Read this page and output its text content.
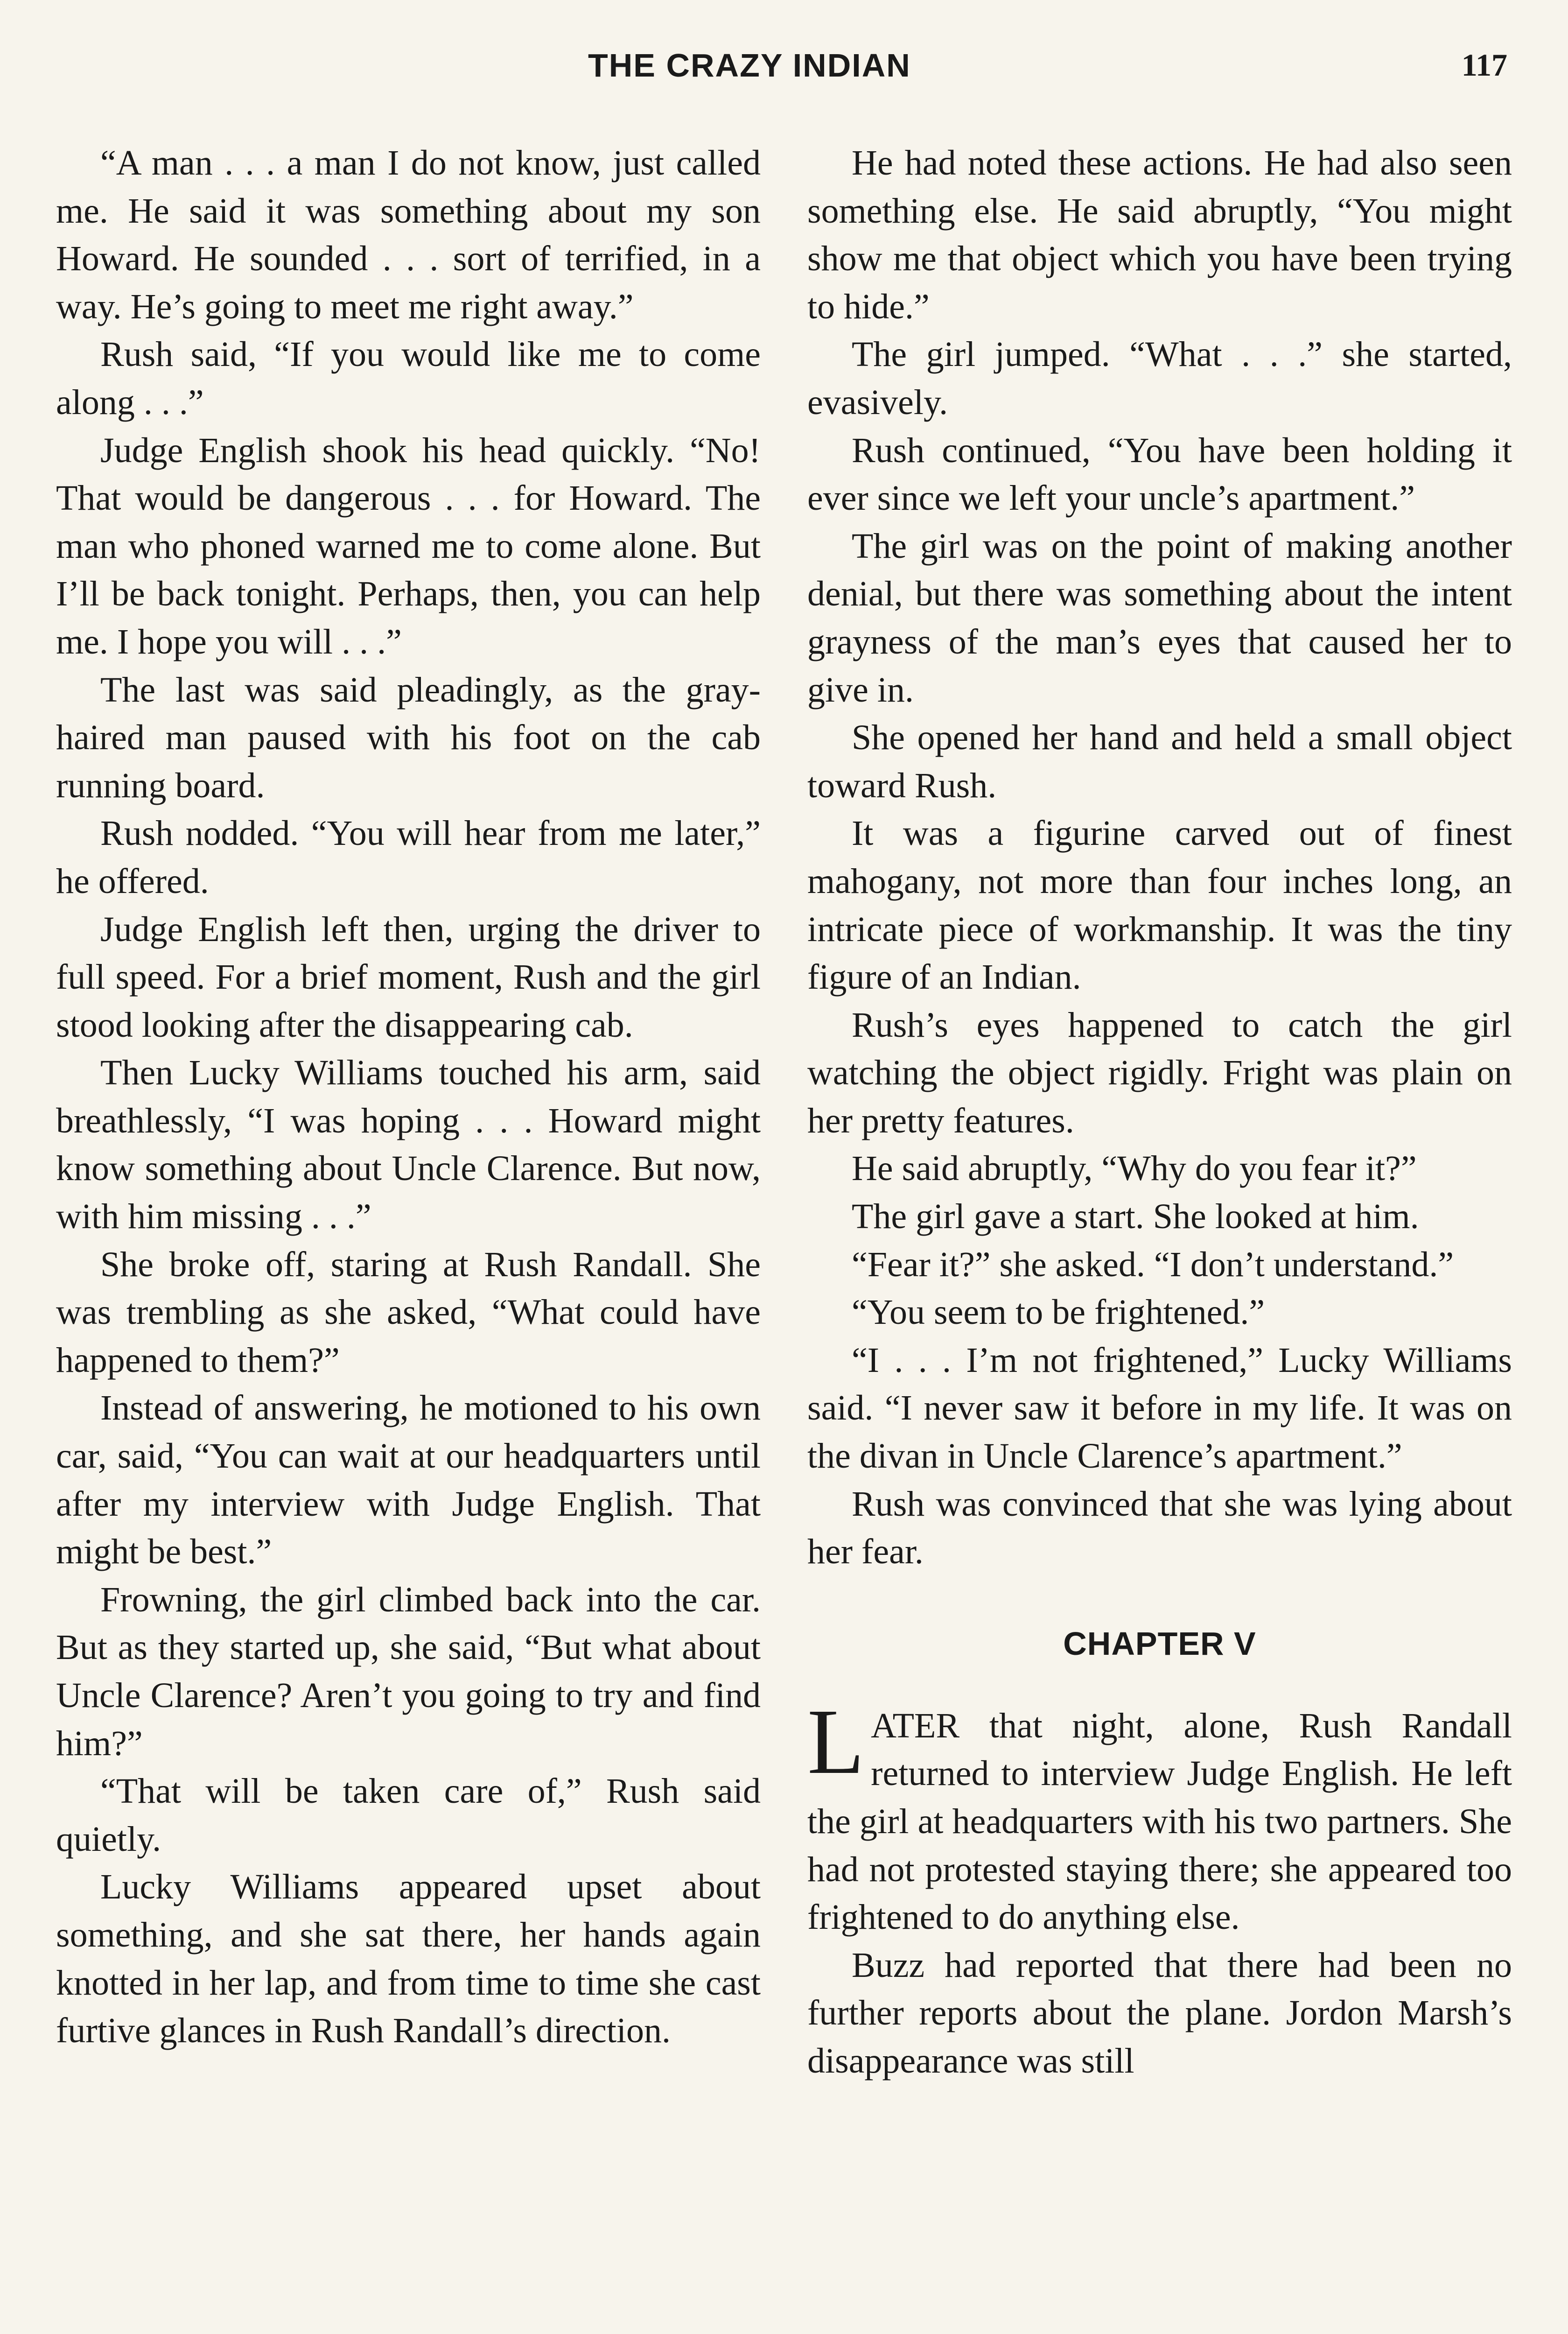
THE CRAZY INDIAN	117

“A man . . . a man I do not know, just called me. He said it was something about my son Howard. He sounded . . . sort of terrified, in a way. He’s going to meet me right away.”

Rush said, “If you would like me to come along . . .”

Judge English shook his head quickly. “No! That would be dangerous . . . for Howard. The man who phoned warned me to come alone. But I’ll be back tonight. Perhaps, then, you can help me. I hope you will . . .”

The last was said pleadingly, as the gray-haired man paused with his foot on the cab running board.

Rush nodded. “You will hear from me later,” he offered.

Judge English left then, urging the driver to full speed. For a brief moment, Rush and the girl stood looking after the disappearing cab.

Then Lucky Williams touched his arm, said breathlessly, “I was hoping . . . Howard might know something about Uncle Clarence. But now, with him missing . . .”

She broke off, staring at Rush Randall. She was trembling as she asked, “What could have happened to them?”

Instead of answering, he motioned to his own car, said, “You can wait at our headquarters until after my interview with Judge English. That might be best.”

Frowning, the girl climbed back into the car. But as they started up, she said, “But what about Uncle Clarence? Aren’t you going to try and find him?”

“That will be taken care of,” Rush said quietly.

Lucky Williams appeared upset about something, and she sat there, her hands again knotted in her lap, and from time to time she cast furtive glances in Rush Randall’s direction.

He had noted these actions. He had also seen something else. He said abruptly, “You might show me that object which you have been trying to hide.”

The girl jumped. “What . . .” she started, evasively.

Rush continued, “You have been holding it ever since we left your uncle’s apartment.”

The girl was on the point of making another denial, but there was something about the intent grayness of the man’s eyes that caused her to give in.

She opened her hand and held a small object toward Rush.

It was a figurine carved out of finest mahogany, not more than four inches long, an intricate piece of workmanship. It was the tiny figure of an Indian.

Rush’s eyes happened to catch the girl watching the object rigidly. Fright was plain on her pretty features.

He said abruptly, “Why do you fear it?”

The girl gave a start. She looked at him.

“Fear it?” she asked. “I don’t understand.”

“You seem to be frightened.”

“I . . . I’m not frightened,” Lucky Williams said. “I never saw it before in my life. It was on the divan in Uncle Clarence’s apartment.”

Rush was convinced that she was lying about her fear.

CHAPTER V

LATER that night, alone, Rush Randall returned to interview Judge English. He left the girl at headquarters with his two partners. She had not protested staying there; she appeared too frightened to do anything else.

Buzz had reported that there had been no further reports about the plane. Jordon Marsh’s disappearance was still
